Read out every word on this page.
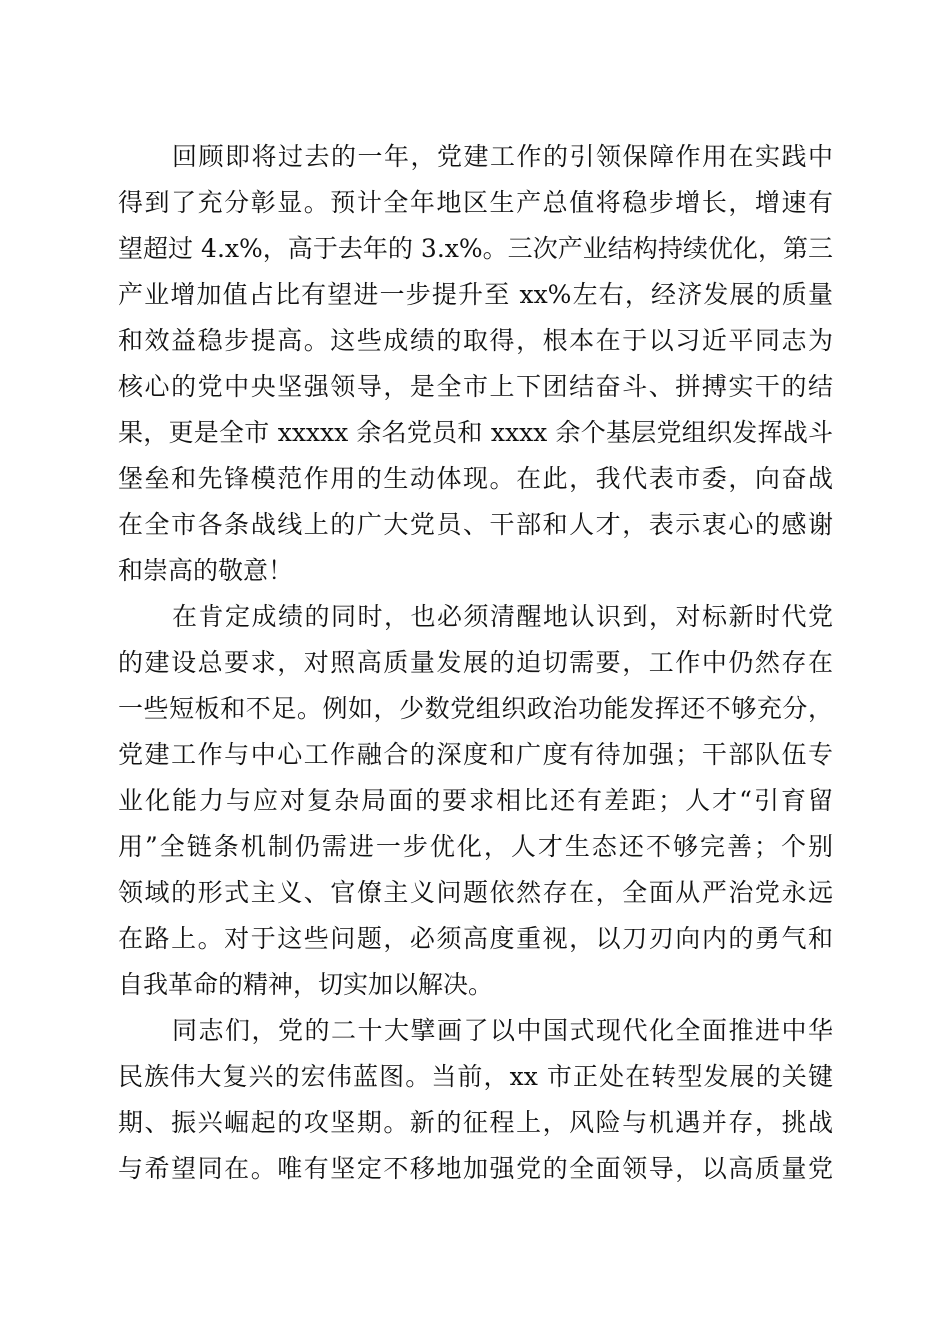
回顾即将过去的一年，党建工作的引领保障作用在实践中
得到了充分彰显。预计全年地区生产总值将稳步增长，增速有
望超过 4.x%，高于去年的 3.x%。三次产业结构持续优化，第三
产业增加值占比有望进一步提升至 xx%左右，经济发展的质量
和效益稳步提高。这些成绩的取得，根本在于以习近平同志为
核心的党中央坚强领导，是全市上下团结奋斗、拼搏实干的结
果，更是全市 xxxxx 余名党员和 xxxx 余个基层党组织发挥战斗
堡垒和先锋模范作用的生动体现。在此，我代表市委，向奋战
在全市各条战线上的广大党员、干部和人才，表示衷心的感谢
和崇高的敬意！
在肯定成绩的同时，也必须清醒地认识到，对标新时代党
的建设总要求，对照高质量发展的迫切需要，工作中仍然存在
一些短板和不足。例如，少数党组织政治功能发挥还不够充分，
党建工作与中心工作融合的深度和广度有待加强；干部队伍专
业化能力与应对复杂局面的要求相比还有差距；人才“引育留
用”全链条机制仍需进一步优化，人才生态还不够完善；个别
领域的形式主义、官僚主义问题依然存在，全面从严治党永远
在路上。对于这些问题，必须高度重视，以刀刃向内的勇气和
自我革命的精神，切实加以解决。
同志们，党的二十大擘画了以中国式现代化全面推进中华
民族伟大复兴的宏伟蓝图。当前，xx 市正处在转型发展的关键
期、振兴崛起的攻坚期。新的征程上，风险与机遇并存，挑战
与希望同在。唯有坚定不移地加强党的全面领导，以高质量党
